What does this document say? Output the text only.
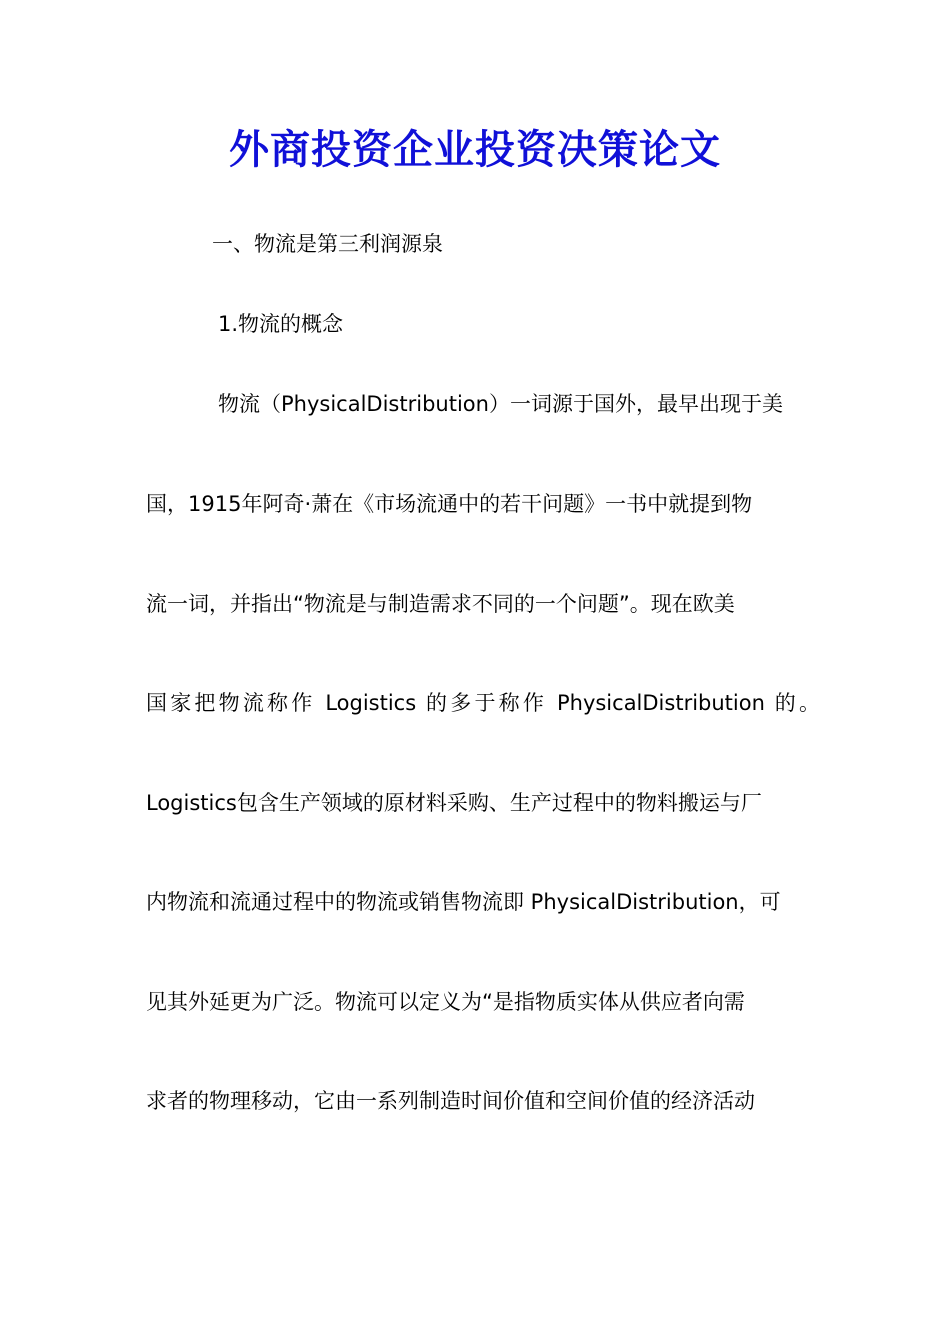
外商投资企业投资决策论文
一、物流是第三利润源泉
1.物流的概念
物流（PhysicalDistribution）一词源于国外，最早出现于美
国，1915年阿奇·萧在《市场流通中的若干问题》一书中就提到物
流一词，并指出“物流是与制造需求不同的一个问题”。现在欧美
国家把物流称作 Logistics 的多于称作 PhysicalDistribution 的。
Logistics包含生产领域的原材料采购、生产过程中的物料搬运与厂
内物流和流通过程中的物流或销售物流即 PhysicalDistribution，可
见其外延更为广泛。物流可以定义为“是指物质实体从供应者向需
求者的物理移动，它由一系列制造时间价值和空间价值的经济活动
